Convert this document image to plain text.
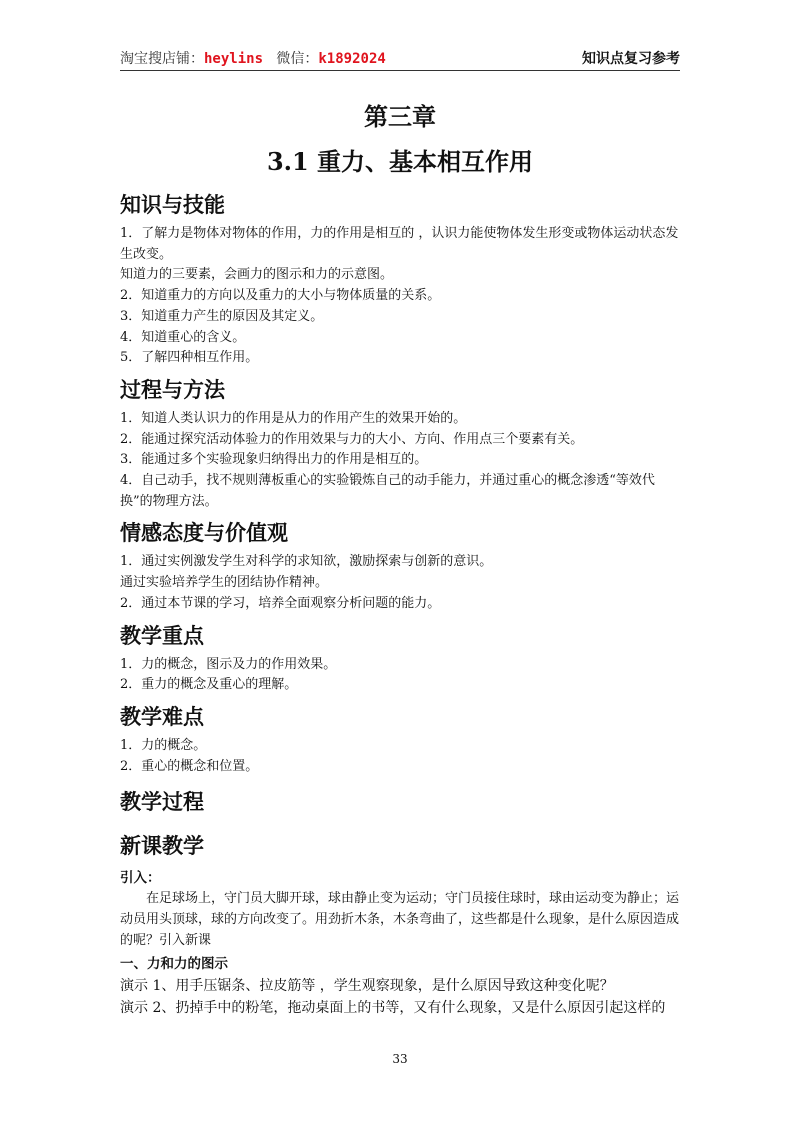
淘宝搜店铺：heylins 微信：k1892024	知识点复习参考

第三章

3.1 重力、基本相互作用

知识与技能

1．了解力是物体对物体的作用，力的作用是相互的 ，认识力能使物体发生形变或物体运动状态发生改变。

知道力的三要素，会画力的图示和力的示意图。

2．知道重力的方向以及重力的大小与物体质量的关系。

3．知道重力产生的原因及其定义。

4．知道重心的含义。

5．了解四种相互作用。

过程与方法

1．知道人类认识力的作用是从力的作用产生的效果开始的。

2．能通过探究活动体验力的作用效果与力的大小、方向、作用点三个要素有关。

3．能通过多个实验现象归纳得出力的作用是相互的。

4．自己动手，找不规则薄板重心的实验锻炼自己的动手能力，并通过重心的概念渗透“等效代换”的物理方法。

情感态度与价值观

1．通过实例激发学生对科学的求知欲，激励探索与创新的意识。

通过实验培养学生的团结协作精神。

2．通过本节课的学习，培养全面观察分析问题的能力。

教学重点

1．力的概念，图示及力的作用效果。

2．重力的概念及重心的理解。

教学难点

1．力的概念。

2．重心的概念和位置。

教学过程
新课教学
引入：

在足球场上，守门员大脚开球，球由静止变为运动；守门员接住球时，球由运动变为静止；运动员用头顶球，球的方向改变了。用劲折木条，木条弯曲了，这些都是什么现象，是什么原因造成的呢？引入新课

一、力和力的图示

演示 1、用手压锯条、拉皮筋等 ，学生观察现象，是什么原因导致这种变化呢？

演示 2、扔掉手中的粉笔，拖动桌面上的书等，又有什么现象，又是什么原因引起这样的

33
